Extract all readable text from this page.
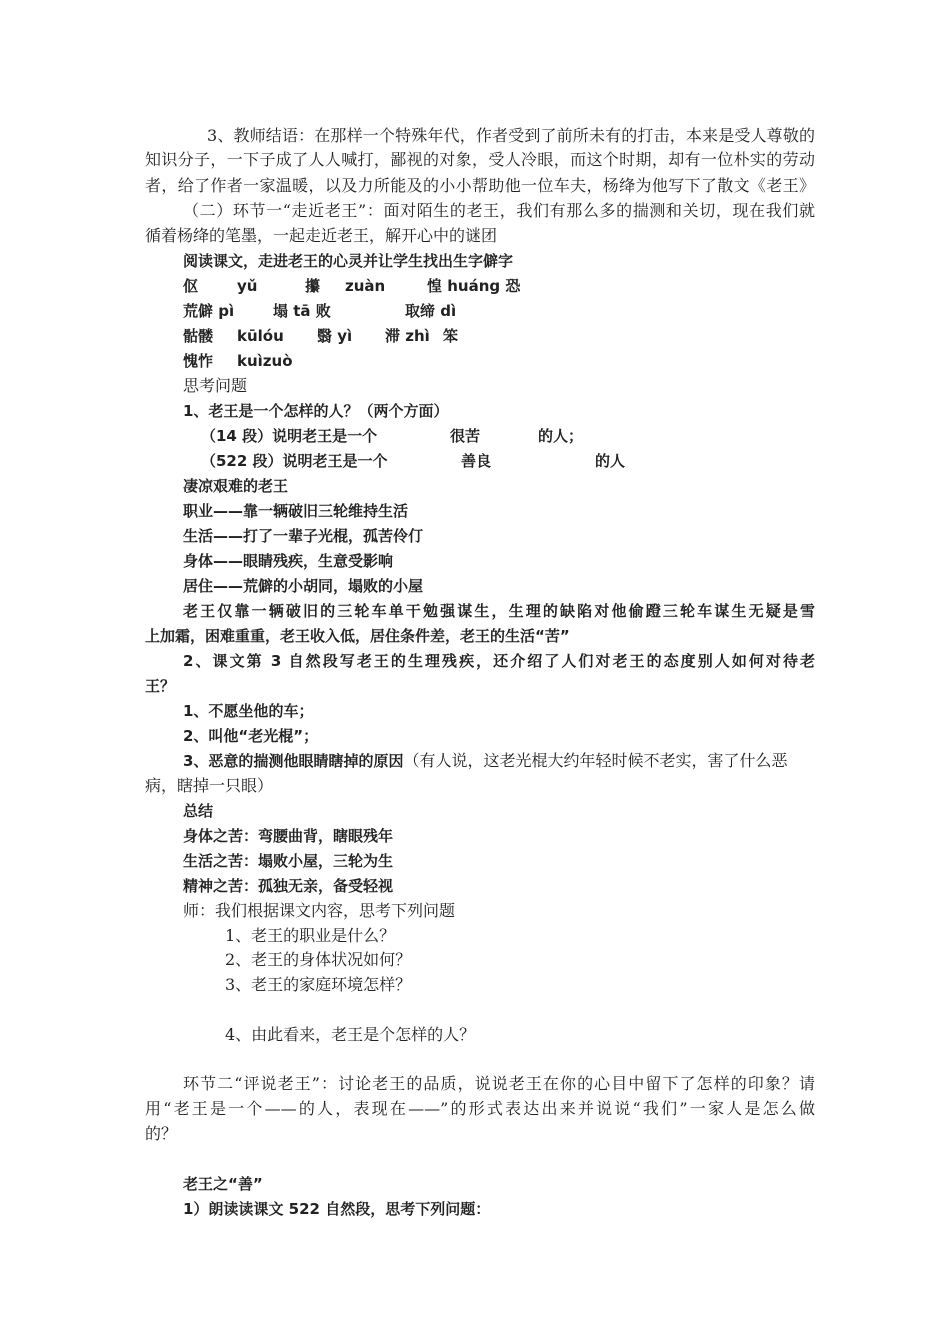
3、教师结语：在那样一个特殊年代，作者受到了前所未有的打击，本来是受人尊敬的
知识分子，一下子成了人人喊打，鄙视的对象，受人冷眼，而这个时期，却有一位朴实的劳动
者，给了作者一家温暖，以及力所能及的小小帮助他一位车夫，杨绛为他写下了散文《老王》
（二）环节一“走近老王”：面对陌生的老王，我们有那么多的揣测和关切，现在我们就
循着杨绛的笔墨，一起走近老王，解开心中的谜团
阅读课文，走进老王的心灵并让学生找出生字僻字
伛	yǔ	攥 zuàn	惶 huáng 恐
荒僻 pì	塌 tā 败	取缔 dì
骷髅 kūlóu 翳 yì 滞 zhì 笨
愧怍 kuìzuò
思考问题
1、老王是一个怎样的人？（两个方面）
（14 段）说明老王是一个	很苦	的人；
（522 段）说明老王是一个	善良	的人
凄凉艰难的老王
职业——靠一辆破旧三轮维持生活
生活——打了一辈子光棍，孤苦伶仃
身体——眼睛残疾，生意受影响
居住——荒僻的小胡同，塌败的小屋
老王仅靠一辆破旧的三轮车单干勉强谋生，生理的缺陷对他偷蹬三轮车谋生无疑是雪
上加霜，困难重重，老王收入低，居住条件差，老王的生活“苦”
2、课文第 3 自然段写老王的生理残疾，还介绍了人们对老王的态度别人如何对待老
王？
1、不愿坐他的车；
2、叫他“老光棍”；
3、恶意的揣测他眼睛瞎掉的原因（有人说，这老光棍大约年轻时候不老实，害了什么恶
病，瞎掉一只眼）
总结
身体之苦：弯腰曲背，瞎眼残年
生活之苦：塌败小屋，三轮为生
精神之苦：孤独无亲，备受轻视
师：我们根据课文内容，思考下列问题
1、老王的职业是什么？
2、老王的身体状况如何？
3、老王的家庭环境怎样？
4、由此看来，老王是个怎样的人？
环节二“评说老王”：讨论老王的品质，说说老王在你的心目中留下了怎样的印象？请
用“老王是一个——的人，表现在——”的形式表达出来并说说“我们”一家人是怎么做
的？
老王之“善”
1）朗读读课文 522 自然段，思考下列问题：
